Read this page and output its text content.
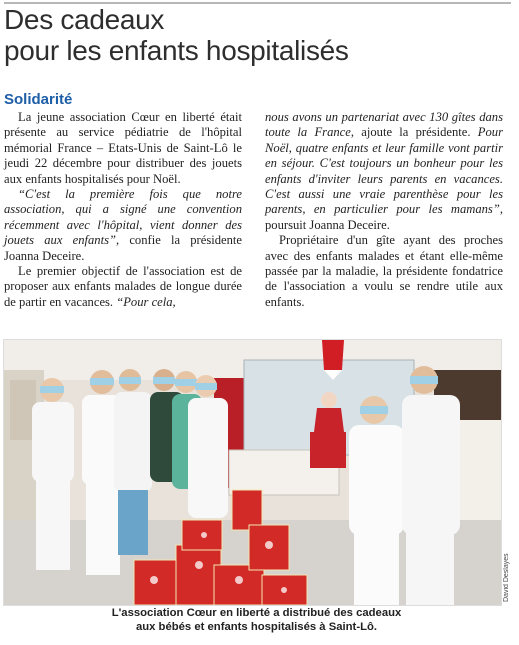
Des cadeaux
pour les enfants hospitalisés
Solidarité

La jeune association Cœur en liberté était présente au service pédiatrie de l'hôpital mémorial France – Etats-Unis de Saint-Lô le jeudi 22 décembre pour distribuer des jouets aux enfants hospitalisés pour Noël.

“C'est la première fois que notre association, qui a signé une convention récemment avec l'hôpital, vient donner des jouets aux enfants”, confie la présidente Joanna Deceire.

Le premier objectif de l'association est de proposer aux enfants malades de longue durée de partir en vacances. “Pour cela,

nous avons un partenariat avec 130 gîtes dans toute la France, ajoute la présidente. Pour Noël, quatre enfants et leur famille vont partir en séjour. C'est toujours un bonheur pour les enfants d'inviter leurs parents en vacances. C'est aussi une vraie parenthèse pour les parents, en particulier pour les mamans”, poursuit Joanna Deceire.

Propriétaire d'un gîte ayant des proches avec des enfants malades et étant elle-même passée par la maladie, la présidente fondatrice de l'association a voulu se rendre utile aux enfants.

David Deslayes
L'association Cœur en liberté a distribué des cadeaux
aux bébés et enfants hospitalisés à Saint-Lô.
